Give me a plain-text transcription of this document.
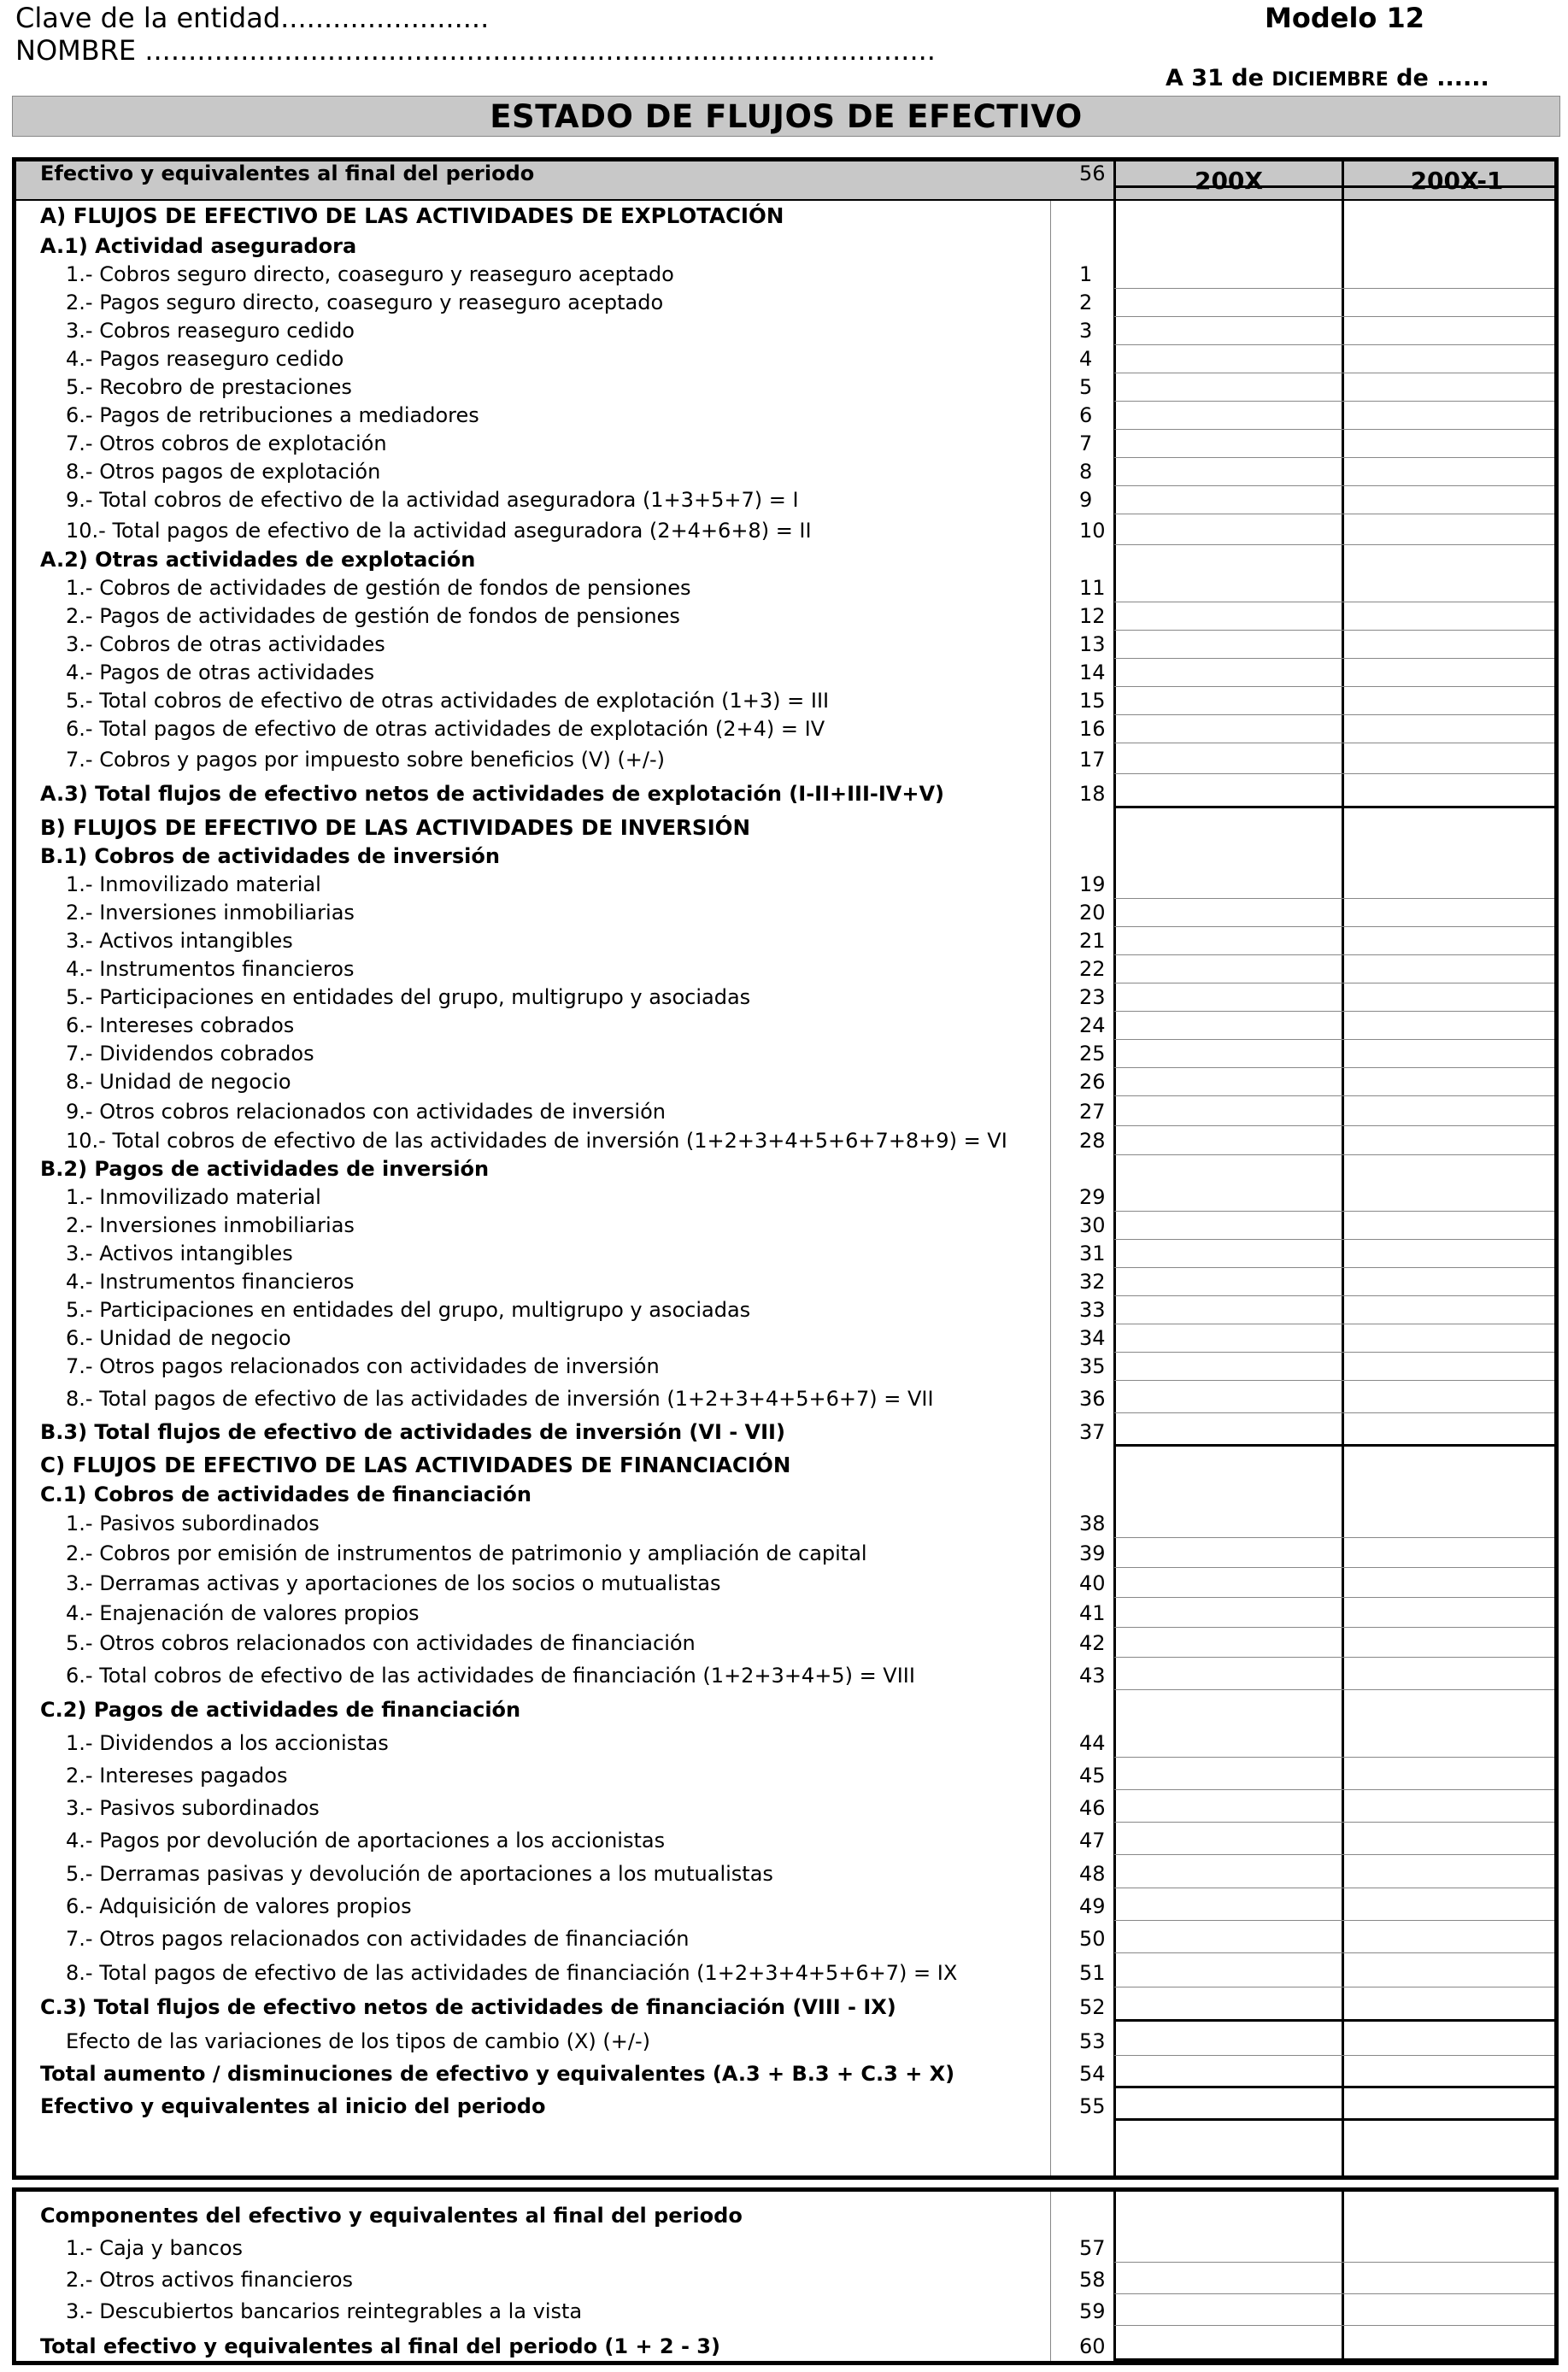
Clave de la entidad........................
NOMBRE ...........................................................................................
Modelo 12
A 31 de DICIEMBRE de ......
ESTADO DE FLUJOS DE EFECTIVO
200X	200X-1
A) FLUJOS DE EFECTIVO DE LAS ACTIVIDADES DE EXPLOTACIÓN
A.1) Actividad aseguradora
1.- Cobros seguro directo, coaseguro y reaseguro aceptado	1
2.- Pagos seguro directo, coaseguro y reaseguro aceptado	2
3.- Cobros reaseguro cedido	3
4.- Pagos reaseguro cedido	4
5.- Recobro de prestaciones	5
6.- Pagos de retribuciones a mediadores	6
7.- Otros cobros de explotación	7
8.- Otros pagos de explotación	8
9.- Total cobros de efectivo de la actividad aseguradora (1+3+5+7) = I	9
10.- Total pagos de efectivo de la actividad aseguradora (2+4+6+8) = II	10
A.2) Otras actividades de explotación
1.- Cobros de actividades de gestión de fondos de pensiones	11
2.- Pagos de actividades de gestión de fondos de pensiones	12
3.- Cobros de otras actividades	13
4.- Pagos de otras actividades	14
5.- Total cobros de efectivo de otras actividades de explotación (1+3) = III	15
6.- Total pagos de efectivo de otras actividades de explotación (2+4) = IV	16
7.- Cobros y pagos por impuesto sobre beneficios (V) (+/-)	17
A.3) Total flujos de efectivo netos de actividades de explotación (I-II+III-IV+V)	18
B) FLUJOS DE EFECTIVO DE LAS ACTIVIDADES DE INVERSIÓN
B.1) Cobros de actividades de inversión
1.- Inmovilizado material	19
2.- Inversiones inmobiliarias	20
3.- Activos intangibles	21
4.- Instrumentos financieros	22
5.- Participaciones en entidades del grupo, multigrupo y asociadas	23
6.- Intereses cobrados	24
7.- Dividendos cobrados	25
8.- Unidad de negocio	26
9.- Otros cobros relacionados con actividades de inversión	27
10.- Total cobros de efectivo de las actividades de inversión (1+2+3+4+5+6+7+8+9) = VI	28
B.2) Pagos de actividades de inversión
1.- Inmovilizado material	29
2.- Inversiones inmobiliarias	30
3.- Activos intangibles	31
4.- Instrumentos financieros	32
5.- Participaciones en entidades del grupo, multigrupo y asociadas	33
6.- Unidad de negocio	34
7.- Otros pagos relacionados con actividades de inversión	35
8.- Total pagos de efectivo de las actividades de inversión (1+2+3+4+5+6+7) = VII	36
B.3) Total flujos de efectivo de actividades de inversión (VI - VII)	37
C) FLUJOS DE EFECTIVO DE LAS ACTIVIDADES DE FINANCIACIÓN
C.1) Cobros de actividades de financiación
1.- Pasivos subordinados	38
2.- Cobros por emisión de instrumentos de patrimonio y ampliación de capital	39
3.- Derramas activas y aportaciones de los socios o mutualistas	40
4.- Enajenación de valores propios	41
5.- Otros cobros relacionados con actividades de financiación	42
6.- Total cobros de efectivo de las actividades de financiación (1+2+3+4+5) = VIII	43
C.2) Pagos de actividades de financiación
1.- Dividendos a los accionistas	44
2.- Intereses pagados	45
3.- Pasivos subordinados	46
4.- Pagos por devolución de aportaciones a los accionistas	47
5.- Derramas pasivas y devolución de aportaciones a los mutualistas	48
6.- Adquisición de valores propios	49
7.- Otros pagos relacionados con actividades de financiación	50
8.- Total pagos de efectivo de las actividades de financiación (1+2+3+4+5+6+7) = IX	51
C.3) Total flujos de efectivo netos de actividades de financiación (VIII - IX)	52
Efecto de las variaciones de los tipos de cambio (X) (+/-)	53
Total aumento / disminuciones de efectivo y equivalentes (A.3 + B.3 + C.3 + X)	54
Efectivo y equivalentes al inicio del periodo	55
Efectivo y equivalentes al final del periodo	56
Componentes del efectivo y equivalentes al final del periodo
1.- Caja y bancos	57
2.- Otros activos financieros	58
3.- Descubiertos bancarios reintegrables a la vista	59
Total efectivo y equivalentes al final del periodo (1 + 2 - 3)	60
